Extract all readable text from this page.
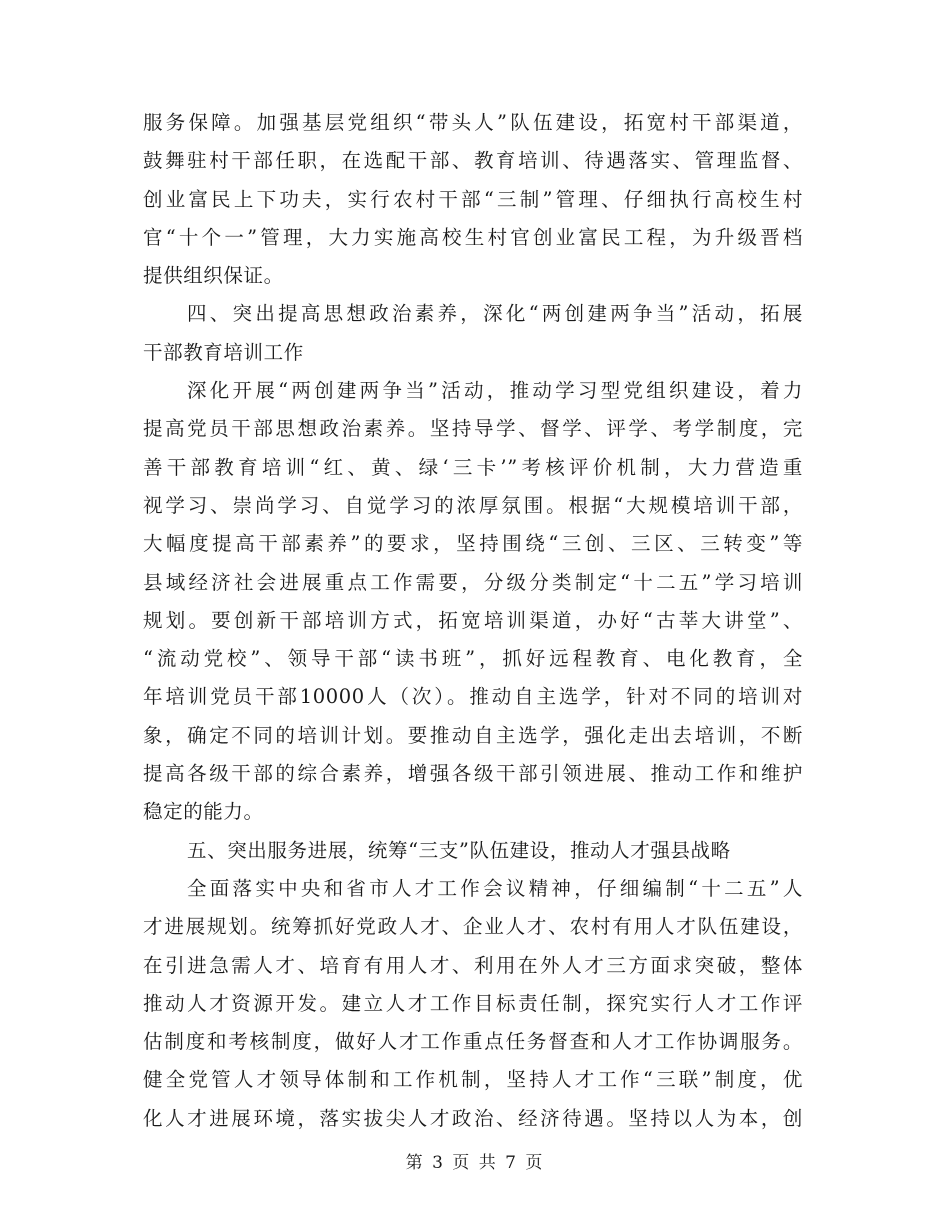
服务保障。加强基层党组织“带头人”队伍建设，拓宽村干部渠道，
鼓舞驻村干部任职，在选配干部、教育培训、待遇落实、管理监督、
创业富民上下功夫，实行农村干部“三制”管理、仔细执行高校生村
官“十个一”管理，大力实施高校生村官创业富民工程，为升级晋档
提供组织保证。
四、突出提高思想政治素养，深化“两创建两争当”活动，拓展
干部教育培训工作
深化开展“两创建两争当”活动，推动学习型党组织建设，着力
提高党员干部思想政治素养。坚持导学、督学、评学、考学制度，完
善干部教育培训“红、黄、绿‘三卡’”考核评价机制，大力营造重
视学习、崇尚学习、自觉学习的浓厚氛围。根据“大规模培训干部，
大幅度提高干部素养”的要求，坚持围绕“三创、三区、三转变”等
县域经济社会进展重点工作需要，分级分类制定“十二五”学习培训
规划。要创新干部培训方式，拓宽培训渠道，办好“古莘大讲堂”、
“流动党校”、领导干部“读书班”，抓好远程教育、电化教育，全
年培训党员干部10000人（次）。推动自主选学，针对不同的培训对
象，确定不同的培训计划。要推动自主选学，强化走出去培训，不断
提高各级干部的综合素养，增强各级干部引领进展、推动工作和维护
稳定的能力。
五、突出服务进展，统筹“三支”队伍建设，推动人才强县战略
全面落实中央和省市人才工作会议精神，仔细编制“十二五”人
才进展规划。统筹抓好党政人才、企业人才、农村有用人才队伍建设，
在引进急需人才、培育有用人才、利用在外人才三方面求突破，整体
推动人才资源开发。建立人才工作目标责任制，探究实行人才工作评
估制度和考核制度，做好人才工作重点任务督查和人才工作协调服务。
健全党管人才领导体制和工作机制，坚持人才工作“三联”制度，优
化人才进展环境，落实拔尖人才政治、经济待遇。坚持以人为本，创
第 3 页 共 7 页
